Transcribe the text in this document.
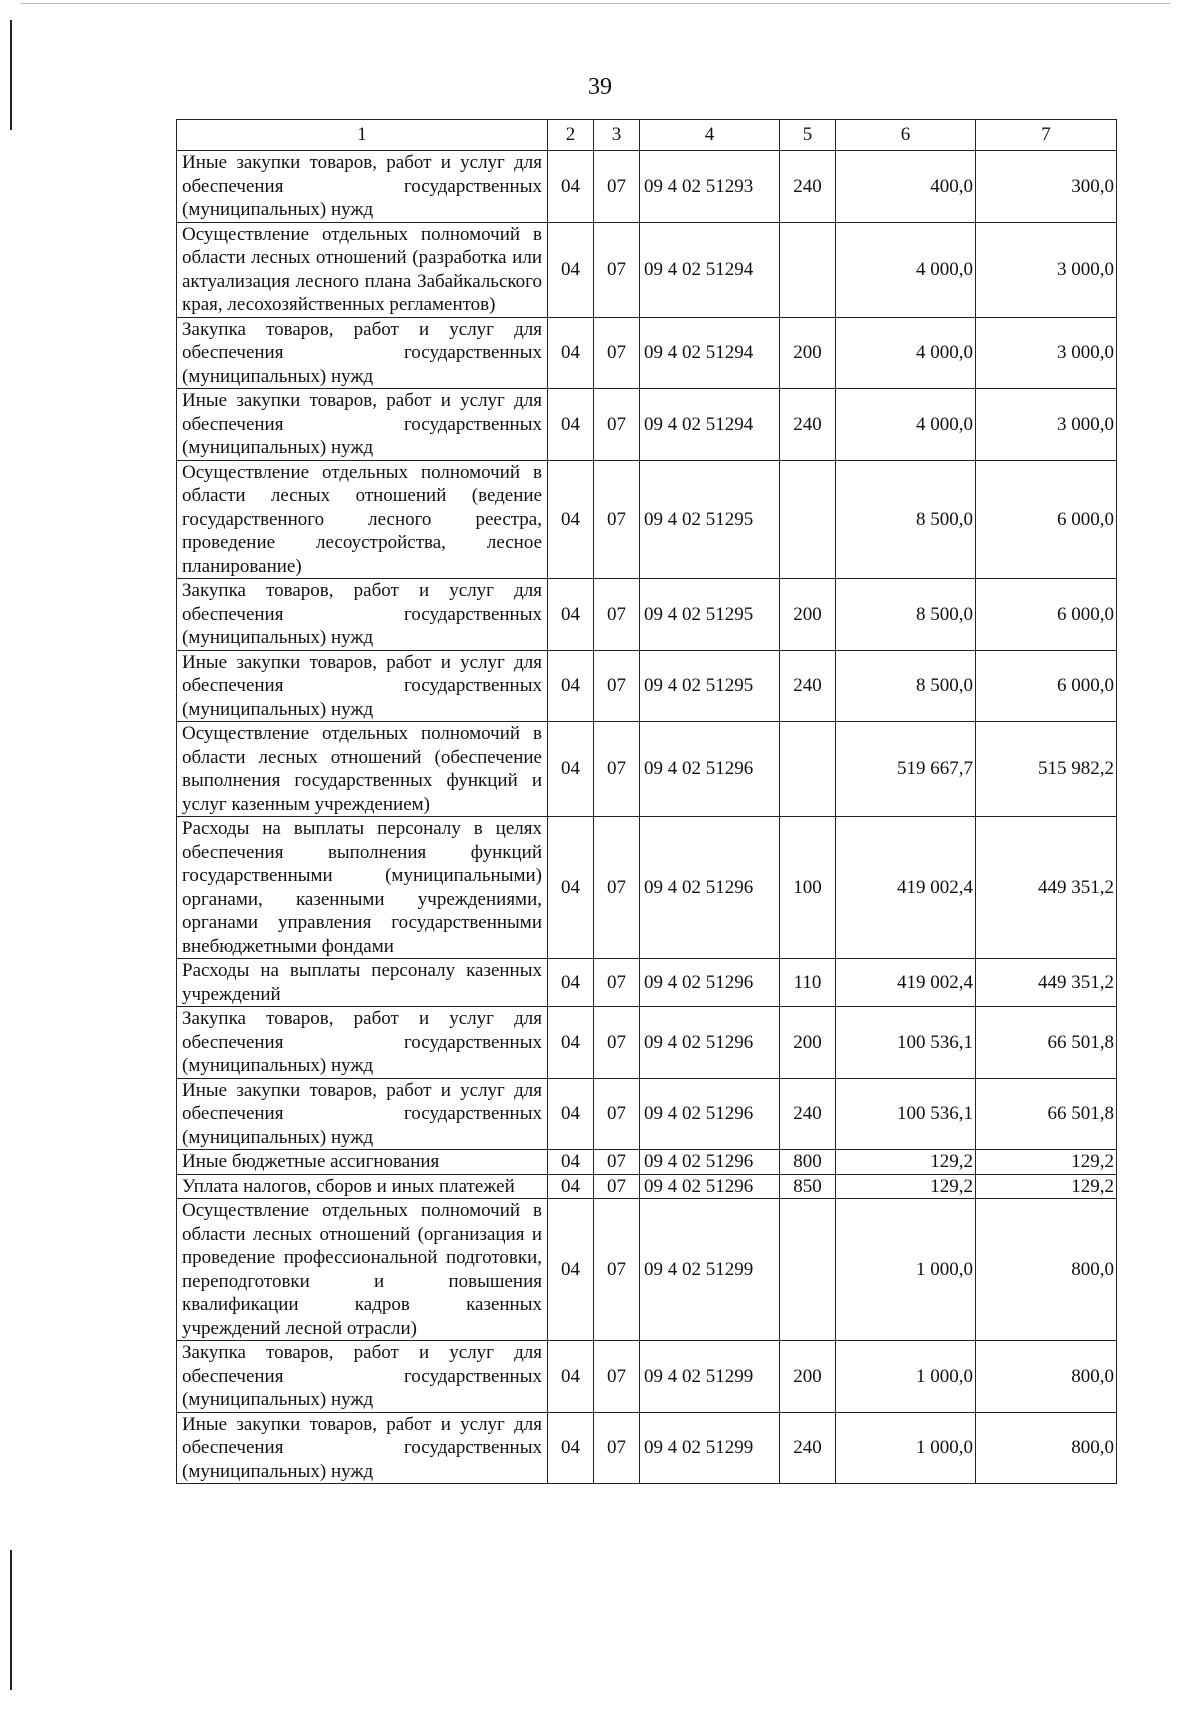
39
1	2	3	4	5	6	7
Иные закупки товаров, работ и услуг для обеспечения государственных (муниципальных) нужд	04	07	09 4 02 51293	240	400,0	300,0
Осуществление отдельных полномочий в области лесных отношений (разработка или актуализация лесного плана Забайкальского края, лесохозяйственных регламентов)	04	07	09 4 02 51294		4 000,0	3 000,0
Закупка товаров, работ и услуг для обеспечения государственных (муниципальных) нужд	04	07	09 4 02 51294	200	4 000,0	3 000,0
Иные закупки товаров, работ и услуг для обеспечения государственных (муниципальных) нужд	04	07	09 4 02 51294	240	4 000,0	3 000,0
Осуществление отдельных полномочий в области лесных отношений (ведение государственного лесного реестра, проведение лесоустройства, лесное планирование)	04	07	09 4 02 51295		8 500,0	6 000,0
Закупка товаров, работ и услуг для обеспечения государственных (муниципальных) нужд	04	07	09 4 02 51295	200	8 500,0	6 000,0
Иные закупки товаров, работ и услуг для обеспечения государственных (муниципальных) нужд	04	07	09 4 02 51295	240	8 500,0	6 000,0
Осуществление отдельных полномочий в области лесных отношений (обеспечение выполнения государственных функций и услуг казенным учреждением)	04	07	09 4 02 51296		519 667,7	515 982,2
Расходы на выплаты персоналу в целях обеспечения выполнения функций государственными (муниципальными) органами, казенными учреждениями, органами управления государственными внебюджетными фондами	04	07	09 4 02 51296	100	419 002,4	449 351,2
Расходы на выплаты персоналу казенных учреждений	04	07	09 4 02 51296	110	419 002,4	449 351,2
Закупка товаров, работ и услуг для обеспечения государственных (муниципальных) нужд	04	07	09 4 02 51296	200	100 536,1	66 501,8
Иные закупки товаров, работ и услуг для обеспечения государственных (муниципальных) нужд	04	07	09 4 02 51296	240	100 536,1	66 501,8
Иные бюджетные ассигнования	04	07	09 4 02 51296	800	129,2	129,2
Уплата налогов, сборов и иных платежей	04	07	09 4 02 51296	850	129,2	129,2
Осуществление отдельных полномочий в области лесных отношений (организация и проведение профессиональной подготовки, переподготовки и повышения квалификации кадров казенных учреждений лесной отрасли)	04	07	09 4 02 51299		1 000,0	800,0
Закупка товаров, работ и услуг для обеспечения государственных (муниципальных) нужд	04	07	09 4 02 51299	200	1 000,0	800,0
Иные закупки товаров, работ и услуг для обеспечения государственных (муниципальных) нужд	04	07	09 4 02 51299	240	1 000,0	800,0
